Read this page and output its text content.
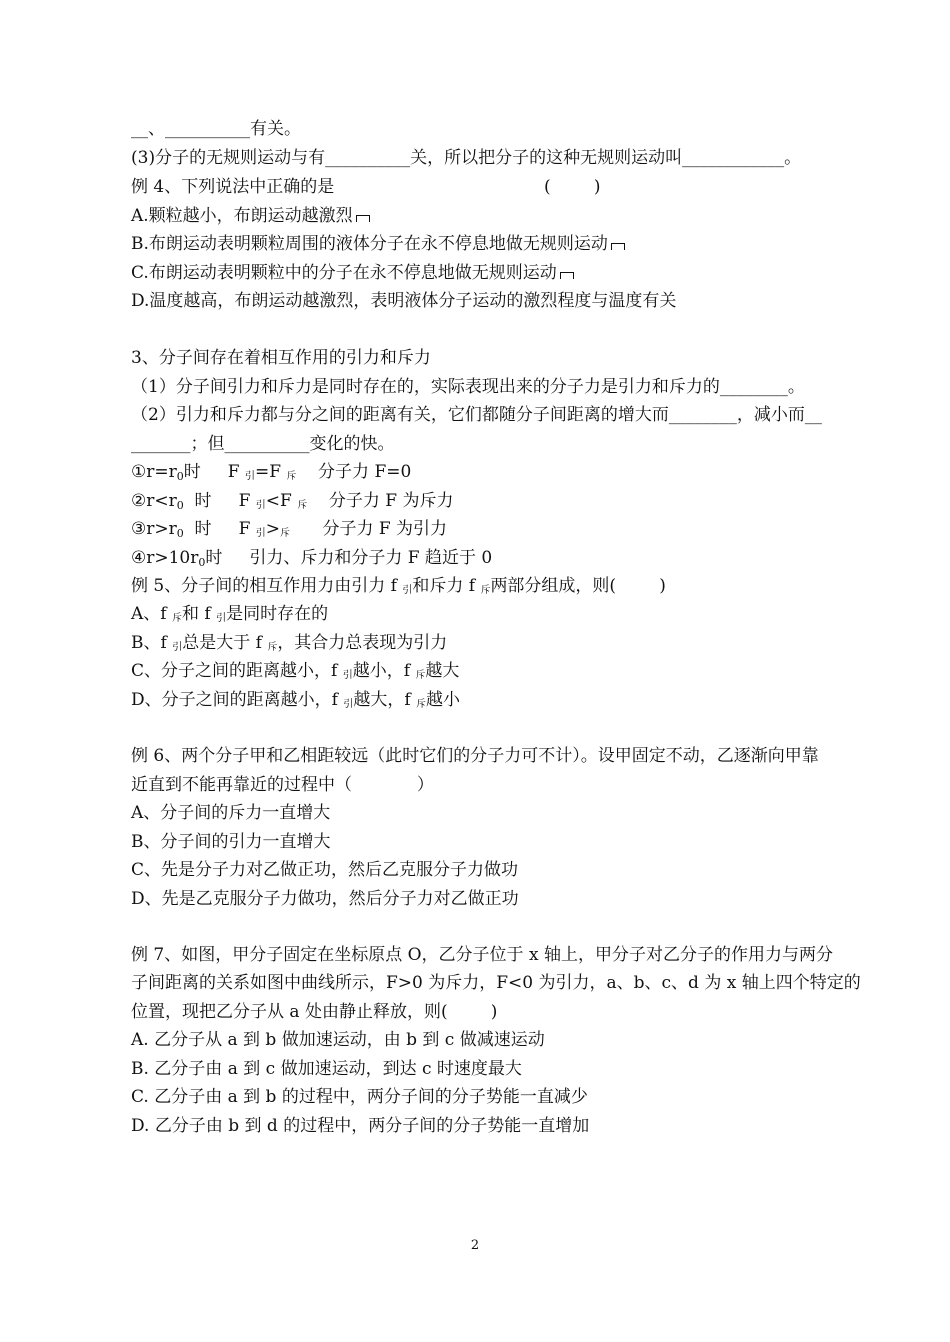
__、__________有关。
(3)分子的无规则运动与有__________关，所以把分子的这种无规则运动叫____________。
例 4、下列说法中正确的是	(        )
A.颗粒越小，布朗运动越激烈
B.布朗运动表明颗粒周围的液体分子在永不停息地做无规则运动
C.布朗运动表明颗粒中的分子在永不停息地做无规则运动
D.温度越高，布朗运动越激烈，表明液体分子运动的激烈程度与温度有关
3、分子间存在着相互作用的引力和斥力
（1）分子间引力和斥力是同时存在的，实际表现出来的分子力是引力和斥力的________。
（2）引力和斥力都与分之间的距离有关，它们都随分子间距离的增大而________，减小而__
_______；但__________变化的快。
$①r=r_0$时     F 引=F 斥    分子力 F=0
$②r<r_0$  时     F 引<F 斥    分子力 F 为斥力
$③r>r_0$  时     F 引>斥      分子力 F 为引力
$④r>10r_0$时     引力、斥力和分子力 F 趋近于 0
例 5、分子间的相互作用力由引力 f 引和斥力 f 斥两部分组成，则(        )
A、f 斥和 f 引是同时存在的
B、f 引总是大于 f 斥，其合力总表现为引力
C、分子之间的距离越小，f 引越小，f 斥越大
D、分子之间的距离越小，f 引越大，f 斥越小
例 6、两个分子甲和乙相距较远（此时它们的分子力可不计）。设甲固定不动，乙逐渐向甲靠
近直到不能再靠近的过程中（            ）
A、分子间的斥力一直增大
B、分子间的引力一直增大
C、先是分子力对乙做正功，然后乙克服分子力做功
D、先是乙克服分子力做功，然后分子力对乙做正功
例 7、如图，甲分子固定在坐标原点 O，乙分子位于 x 轴上，甲分子对乙分子的作用力与两分
子间距离的关系如图中曲线所示，F>0 为斥力，F<0 为引力，a、b、c、d 为 x 轴上四个特定的
位置，现把乙分子从 a 处由静止释放，则(        )
A. 乙分子从 a 到 b 做加速运动，由 b 到 c 做减速运动
B. 乙分子由 a 到 c 做加速运动，到达 c 时速度最大
C. 乙分子由 a 到 b 的过程中，两分子间的分子势能一直减少
D. 乙分子由 b 到 d 的过程中，两分子间的分子势能一直增加
2
